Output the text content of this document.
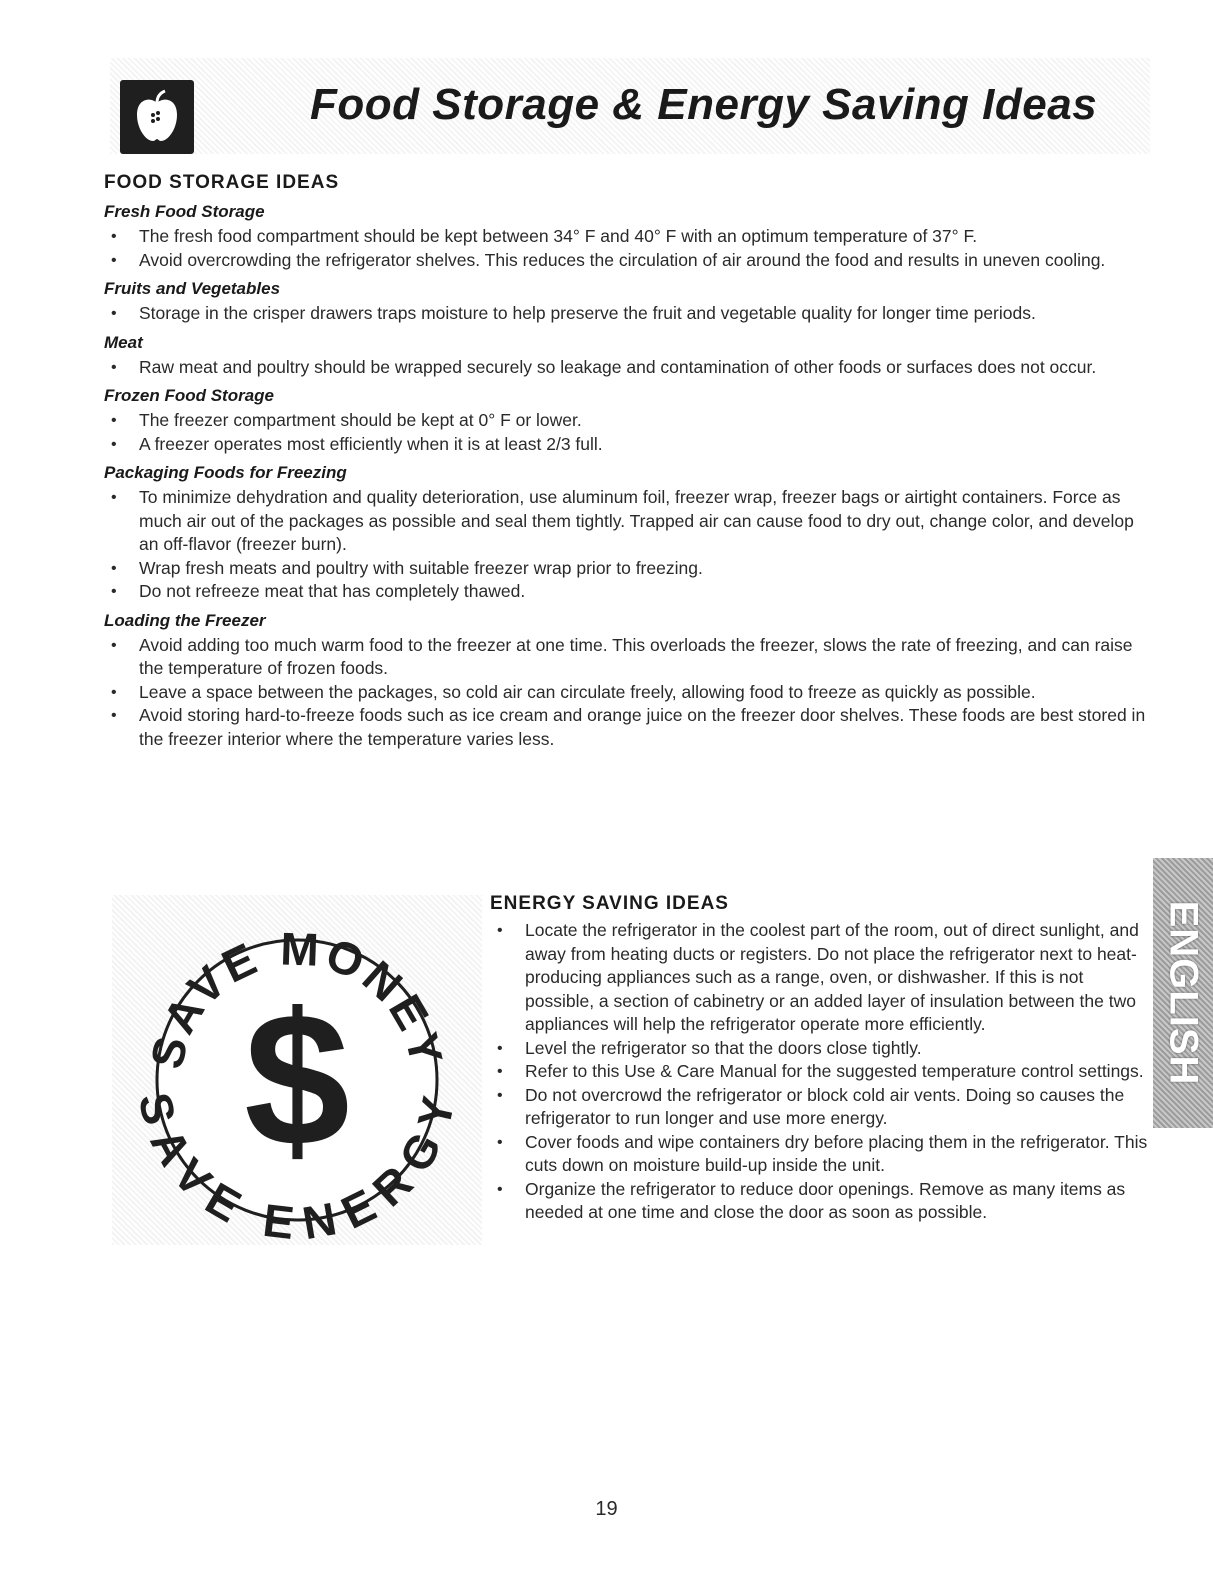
Food Storage & Energy Saving Ideas
FOOD STORAGE IDEAS
Fresh Food Storage
• The fresh food compartment should be kept between 34° F and 40° F with an optimum temperature of 37° F.
• Avoid overcrowding the refrigerator shelves. This reduces the circulation of air around the food and results in uneven cooling.
Fruits and Vegetables
• Storage in the crisper drawers traps moisture to help preserve the fruit and vegetable quality for longer time periods.
Meat
• Raw meat and poultry should be wrapped securely so leakage and contamination of other foods or surfaces does not occur.
Frozen Food Storage
• The freezer compartment should be kept at 0° F or lower.
• A freezer operates most efficiently when it is at least 2/3 full.
Packaging Foods for Freezing
• To minimize dehydration and quality deterioration, use aluminum foil, freezer wrap, freezer bags or airtight containers. Force as much air out of the packages as possible and seal them tightly. Trapped air can cause food to dry out, change color, and develop an off-flavor (freezer burn).
• Wrap fresh meats and poultry with suitable freezer wrap prior to freezing.
• Do not refreeze meat that has completely thawed.
Loading the Freezer
• Avoid adding too much warm food to the freezer at one time. This overloads the freezer, slows the rate of freezing, and can raise the temperature of frozen foods.
• Leave a space between the packages, so cold air can circulate freely, allowing food to freeze as quickly as possible.
• Avoid storing hard-to-freeze foods such as ice cream and orange juice on the freezer door shelves. These foods are best stored in the freezer interior where the temperature varies less.
SAVE MONEY
SAVE ENERGY
$
ENERGY SAVING IDEAS
• Locate the refrigerator in the coolest part of the room, out of direct sunlight, and away from heating ducts or registers. Do not place the refrigerator next to heat-producing appliances such as a range, oven, or dishwasher. If this is not possible, a section of cabinetry or an added layer of insulation between the two appliances will help the refrigerator operate more efficiently.
• Level the refrigerator so that the doors close tightly.
• Refer to this Use & Care Manual for the suggested temperature control settings.
• Do not overcrowd the refrigerator or block cold air vents. Doing so causes the refrigerator to run longer and use more energy.
• Cover foods and wipe containers dry before placing them in the refrigerator. This cuts down on moisture build-up inside the unit.
• Organize the refrigerator to reduce door openings. Remove as many items as needed at one time and close the door as soon as possible.
ENGLISH
19
